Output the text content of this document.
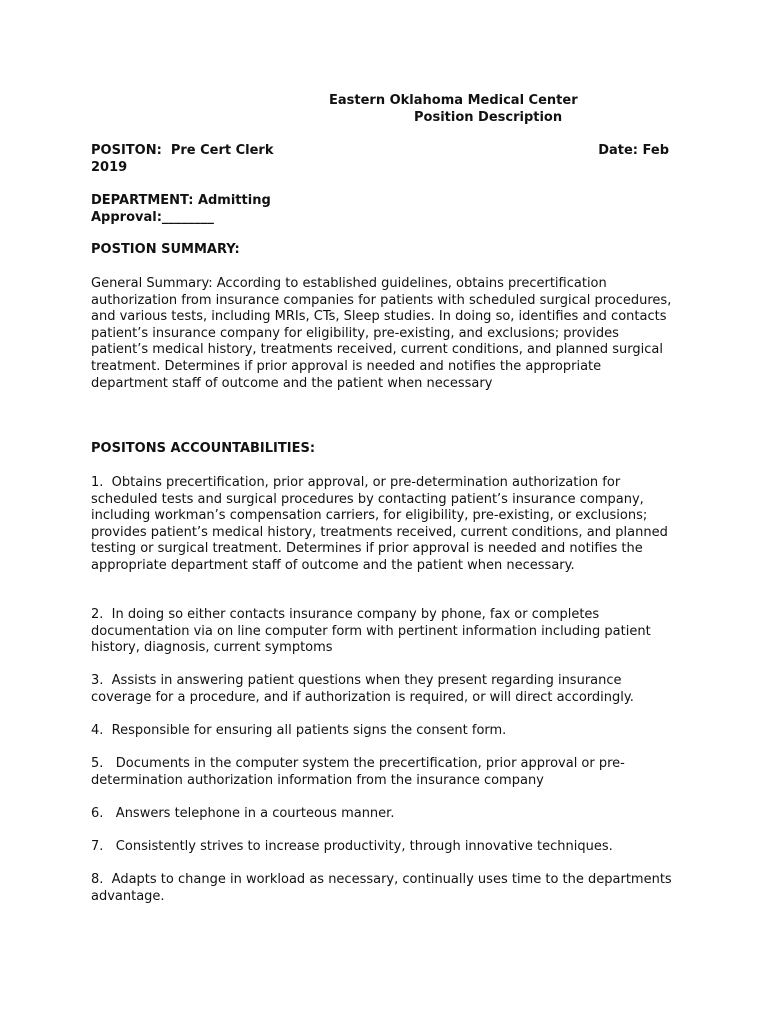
Eastern Oklahoma Medical Center
Position Description
POSITON:  Pre Cert Clerk	Date: Feb
2019
DEPARTMENT: Admitting
Approval:________
POSTION SUMMARY:

General Summary: According to established guidelines, obtains precertification authorization from insurance companies for patients with scheduled surgical procedures, and various tests, including MRIs, CTs, Sleep studies. In doing so, identifies and contacts patient’s insurance company for eligibility, pre-existing, and exclusions; provides patient’s medical history, treatments received, current conditions, and planned surgical treatment. Determines if prior approval is needed and notifies the appropriate department staff of outcome and the patient when necessary

POSITONS ACCOUNTABILITIES:

1.  Obtains precertification, prior approval, or pre-determination authorization for scheduled tests and surgical procedures by contacting patient’s insurance company, including workman’s compensation carriers, for eligibility, pre-existing, or exclusions; provides patient’s medical history, treatments received, current conditions, and planned testing or surgical treatment. Determines if prior approval is needed and notifies the appropriate department staff of outcome and the patient when necessary.

2.  In doing so either contacts insurance company by phone, fax or completes documentation via on line computer form with pertinent information including patient history, diagnosis, current symptoms

3.  Assists in answering patient questions when they present regarding insurance coverage for a procedure, and if authorization is required, or will direct accordingly.

4.  Responsible for ensuring all patients signs the consent form.

5.   Documents in the computer system the precertification, prior approval or pre-determination authorization information from the insurance company

6.   Answers telephone in a courteous manner.

7.   Consistently strives to increase productivity, through innovative techniques.

8.  Adapts to change in workload as necessary, continually uses time to the departments advantage.
